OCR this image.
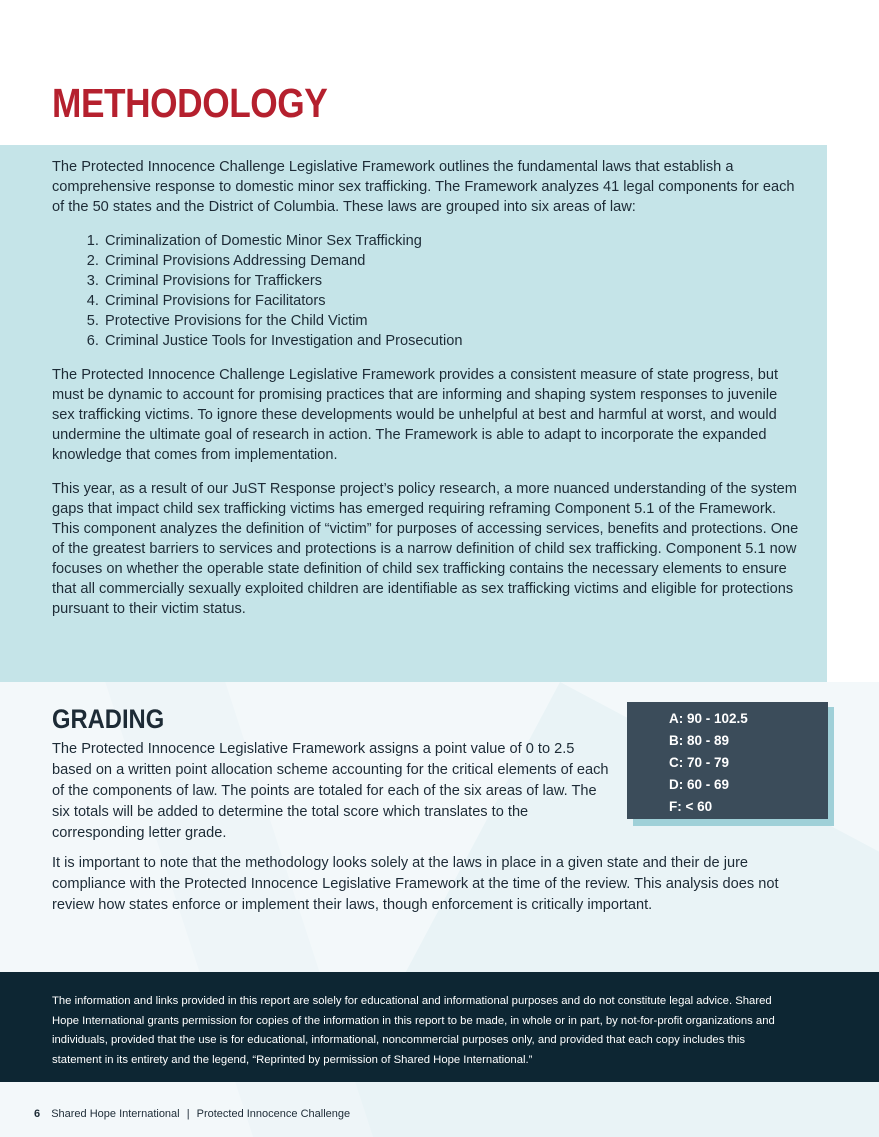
METHODOLOGY

The Protected Innocence Challenge Legislative Framework outlines the fundamental laws that establish a comprehensive response to domestic minor sex trafficking. The Framework analyzes 41 legal components for each of the 50 states and the District of Columbia. These laws are grouped into six areas of law:

1. Criminalization of Domestic Minor Sex Trafficking
2. Criminal Provisions Addressing Demand
3. Criminal Provisions for Traffickers
4. Criminal Provisions for Facilitators
5. Protective Provisions for the Child Victim
6. Criminal Justice Tools for Investigation and Prosecution

The Protected Innocence Challenge Legislative Framework provides a consistent measure of state progress, but must be dynamic to account for promising practices that are informing and shaping system responses to juvenile sex trafficking victims. To ignore these developments would be unhelpful at best and harmful at worst, and would undermine the ultimate goal of research in action. The Framework is able to adapt to incorporate the expanded knowledge that comes from implementation.

This year, as a result of our JuST Response project’s policy research, a more nuanced understanding of the system gaps that impact child sex trafficking victims has emerged requiring reframing Component 5.1 of the Framework. This component analyzes the definition of “victim” for purposes of accessing services, benefits and protections. One of the greatest barriers to services and protections is a narrow definition of child sex trafficking. Component 5.1 now focuses on whether the operable state definition of child sex trafficking contains the necessary elements to ensure that all commercially sexually exploited children are identifiable as sex trafficking victims and eligible for protections pursuant to their victim status.

GRADING

The Protected Innocence Legislative Framework assigns a point value of 0 to 2.5 based on a written point allocation scheme accounting for the critical elements of each of the components of law. The points are totaled for each of the six areas of law. The six totals will be added to determine the total score which translates to the corresponding letter grade.

A: 90 - 102.5
B: 80 - 89
C: 70 - 79
D: 60 - 69
F: < 60

It is important to note that the methodology looks solely at the laws in place in a given state and their de jure compliance with the Protected Innocence Legislative Framework at the time of the review. This analysis does not review how states enforce or implement their laws, though enforcement is critically important.

The information and links provided in this report are solely for educational and informational purposes and do not constitute legal advice. Shared Hope International grants permission for copies of the information in this report to be made, in whole or in part, by not-for-profit organizations and individuals, provided that the use is for educational, informational, noncommercial purposes only, and provided that each copy includes this statement in its entirety and the legend, “Reprinted by permission of Shared Hope International.”

6 Shared Hope International | Protected Innocence Challenge
